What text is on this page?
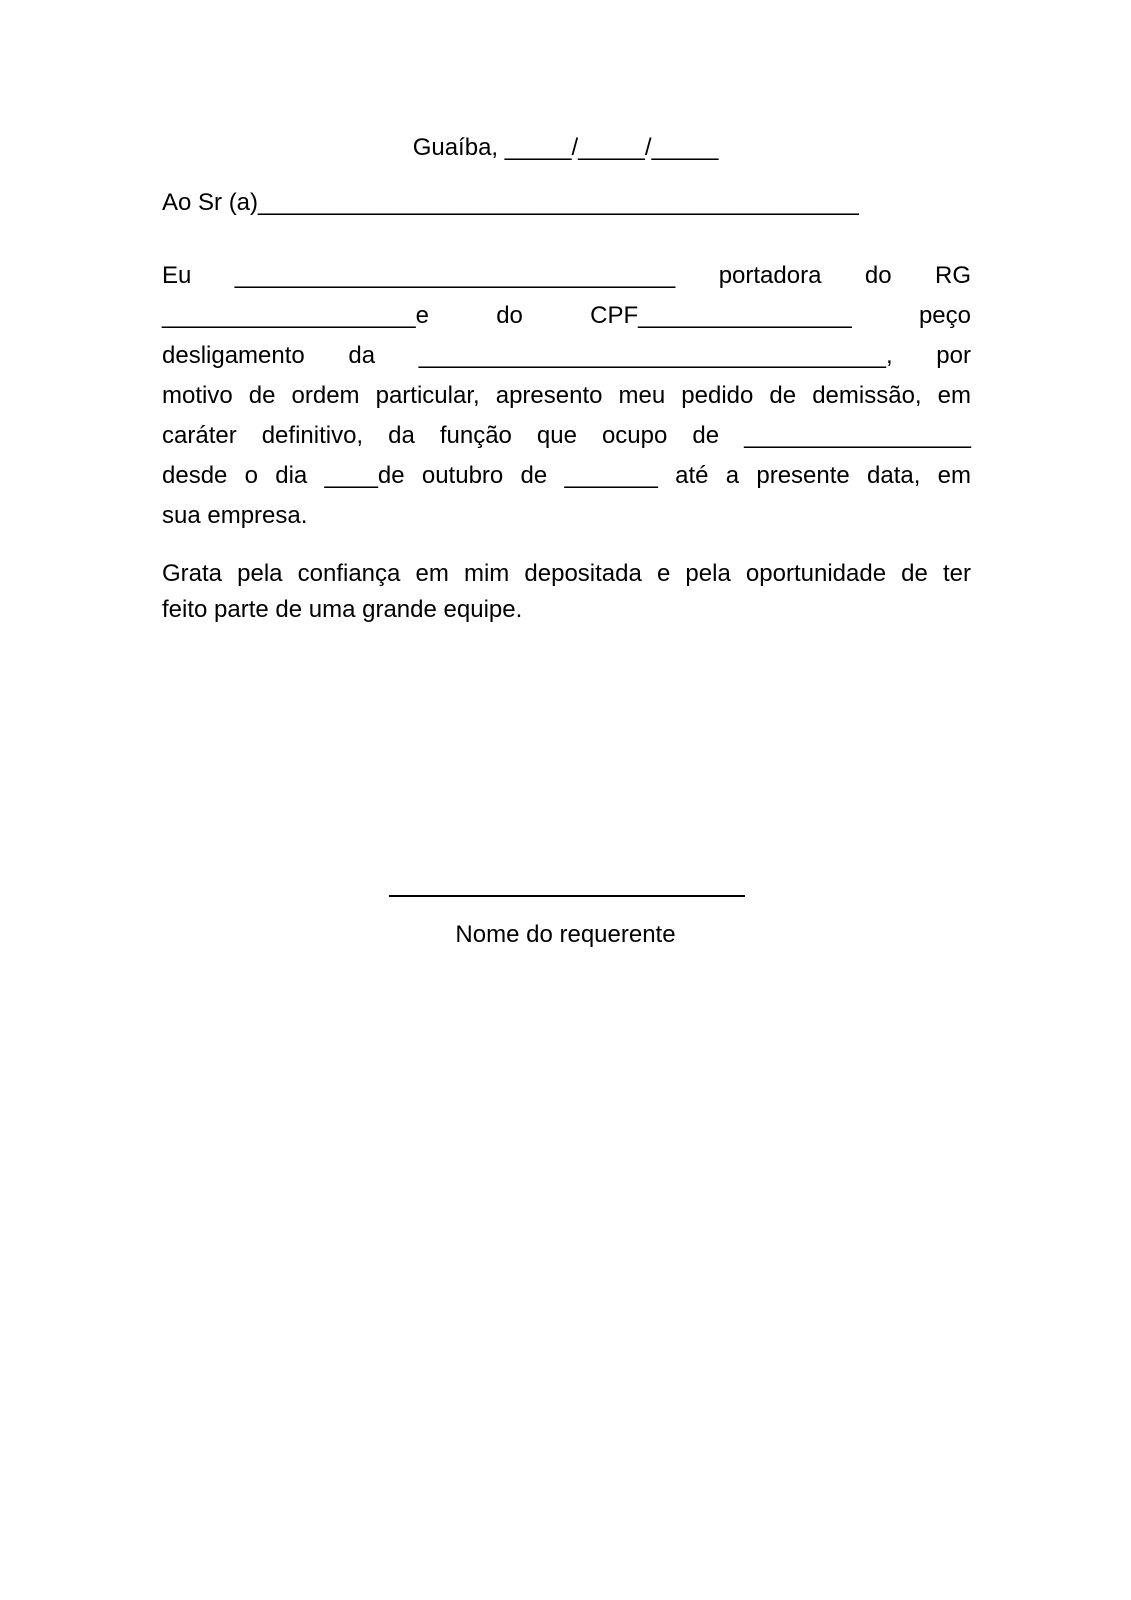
Guaíba, _____/_____/_____
Ao Sr (a)_____________________________________________
Eu _________________________________ portadora do RG
___________________e do CPF________________ peço
desligamento da ___________________________________, por
motivo de ordem particular, apresento meu pedido de demissão, em
caráter definitivo, da função que ocupo de _________________
desde o dia ____de outubro de _______ até a presente data, em
sua empresa.
Grata pela confiança em mim depositada e pela oportunidade de ter
feito parte de uma grande equipe.
Nome do requerente
